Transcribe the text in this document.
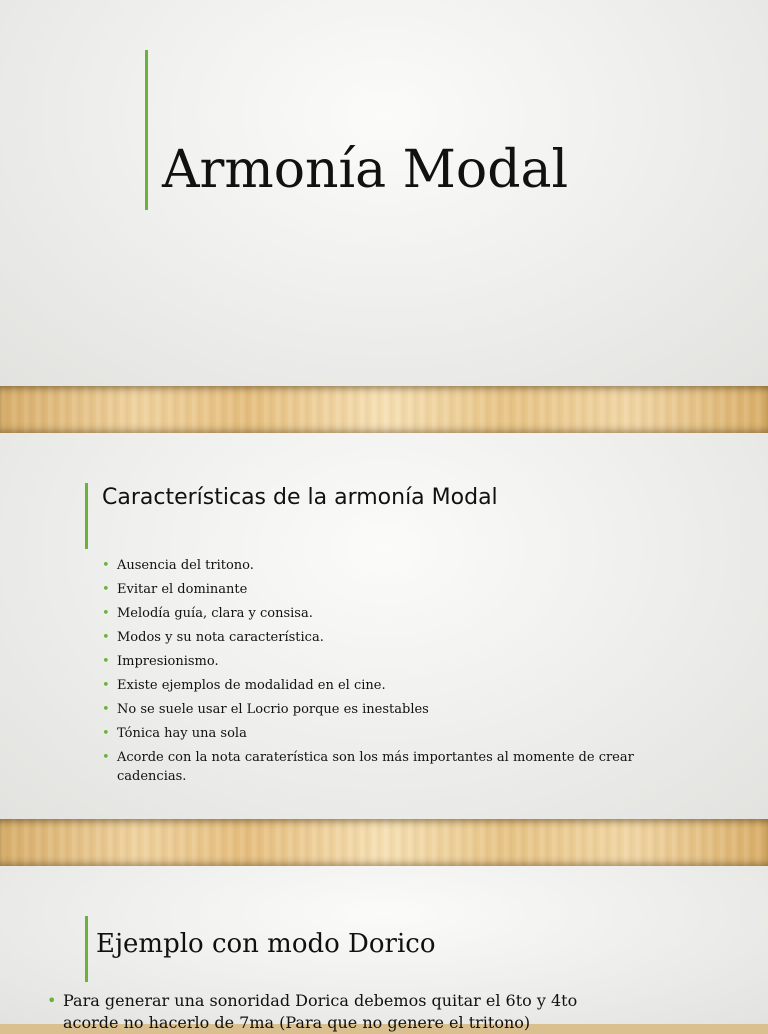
Armonía Modal
Características de la armonía Modal
• Ausencia del tritono.
• Evitar el dominante
• Melodía guía, clara y consisa.
• Modos y su nota característica.
• Impresionismo.
• Existe ejemplos de modalidad en el cine.
• No se suele usar el Locrio porque es inestables
• Tónica hay una sola
• Acorde con la nota caraterística son los más importantes al momente de crear cadencias.
Ejemplo con modo Dorico
• Para generar una sonoridad Dorica debemos quitar el 6to y 4to acorde no hacerlo de 7ma (Para que no genere el tritono)
